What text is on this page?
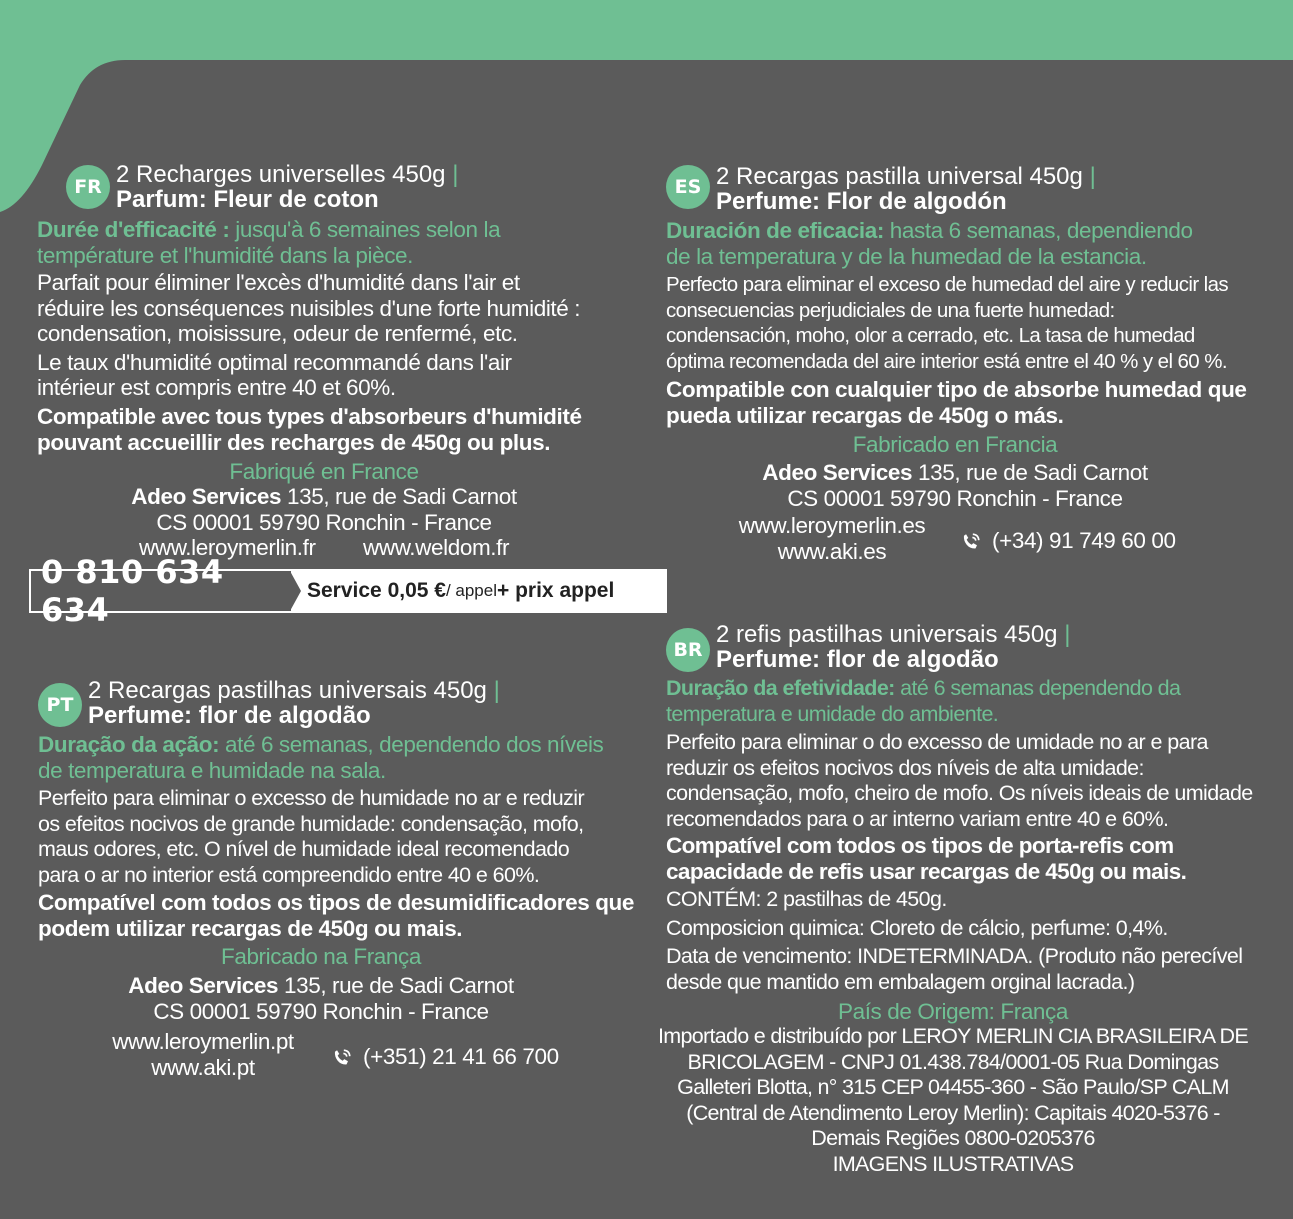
FR 2 Recharges universelles 450g |
Parfum: Fleur de coton
Durée d'efficacité : jusqu'à 6 semaines selon la
température et l'humidité dans la pièce.
Parfait pour éliminer l'excès d'humidité dans l'air et
réduire les conséquences nuisibles d'une forte humidité :
condensation, moisissure, odeur de renfermé, etc.
Le taux d'humidité optimal recommandé dans l'air
intérieur est compris entre 40 et 60%.
Compatible avec tous types d'absorbeurs d'humidité
pouvant accueillir des recharges de 450g ou plus.
Fabriqué en France
Adeo Services 135, rue de Sadi Carnot
CS 00001 59790 Ronchin - France
www.leroymerlin.fr www.weldom.fr
0 810 634 634
Service 0,05 € / appel + prix appel
ES 2 Recargas pastilla universal 450g |
Perfume: Flor de algodón
Duración de eficacia: hasta 6 semanas, dependiendo
de la temperatura y de la humedad de la estancia.
Perfecto para eliminar el exceso de humedad del aire y reducir las
consecuencias perjudiciales de una fuerte humedad:
condensación, moho, olor a cerrado, etc. La tasa de humedad
óptima recomendada del aire interior está entre el 40 % y el 60 %.
Compatible con cualquier tipo de absorbe humedad que
pueda utilizar recargas de 450g o más.
Fabricado en Francia
Adeo Services 135, rue de Sadi Carnot
CS 00001 59790 Ronchin - France
www.leroymerlin.es
www.aki.es	(+34) 91 749 60 00
PT
2 Recargas pastilhas universais 450g |
Perfume: flor de algodão
Duração da ação: até 6 semanas, dependendo dos níveis
de temperatura e humidade na sala.
Perfeito para eliminar o excesso de humidade no ar e reduzir
os efeitos nocivos de grande humidade: condensação, mofo,
maus odores, etc. O nível de humidade ideal recomendado
para o ar no interior está compreendido entre 40 e 60%.
Compatível com todos os tipos de desumidificadores que
podem utilizar recargas de 450g ou mais.
Fabricado na França
Adeo Services 135, rue de Sadi Carnot
CS 00001 59790 Ronchin - France
www.leroymerlin.pt
www.aki.pt	(+351) 21 41 66 700
BR
2 refis pastilhas universais 450g |
Perfume: flor de algodão
Duração da efetividade: até 6 semanas dependendo da
temperatura e umidade do ambiente.
Perfeito para eliminar o do excesso de umidade no ar e para
reduzir os efeitos nocivos dos níveis de alta umidade:
condensação, mofo, cheiro de mofo. Os níveis ideais de umidade
recomendados para o ar interno variam entre 40 e 60%.
Compatível com todos os tipos de porta-refis com
capacidade de refis usar recargas de 450g ou mais.
CONTÉM: 2 pastilhas de 450g.
Composicion quimica: Cloreto de cálcio, perfume: 0,4%.
Data de vencimento: INDETERMINADA. (Produto não perecível
desde que mantido em embalagem orginal lacrada.)
País de Origem: França
Importado e distribuído por LEROY MERLIN CIA BRASILEIRA DE
BRICOLAGEM - CNPJ 01.438.784/0001-05 Rua Domingas
Galleteri Blotta, n° 315 CEP 04455-360 - São Paulo/SP CALM
(Central de Atendimento Leroy Merlin): Capitais 4020-5376 -
Demais Regiões 0800-0205376
IMAGENS ILUSTRATIVAS
